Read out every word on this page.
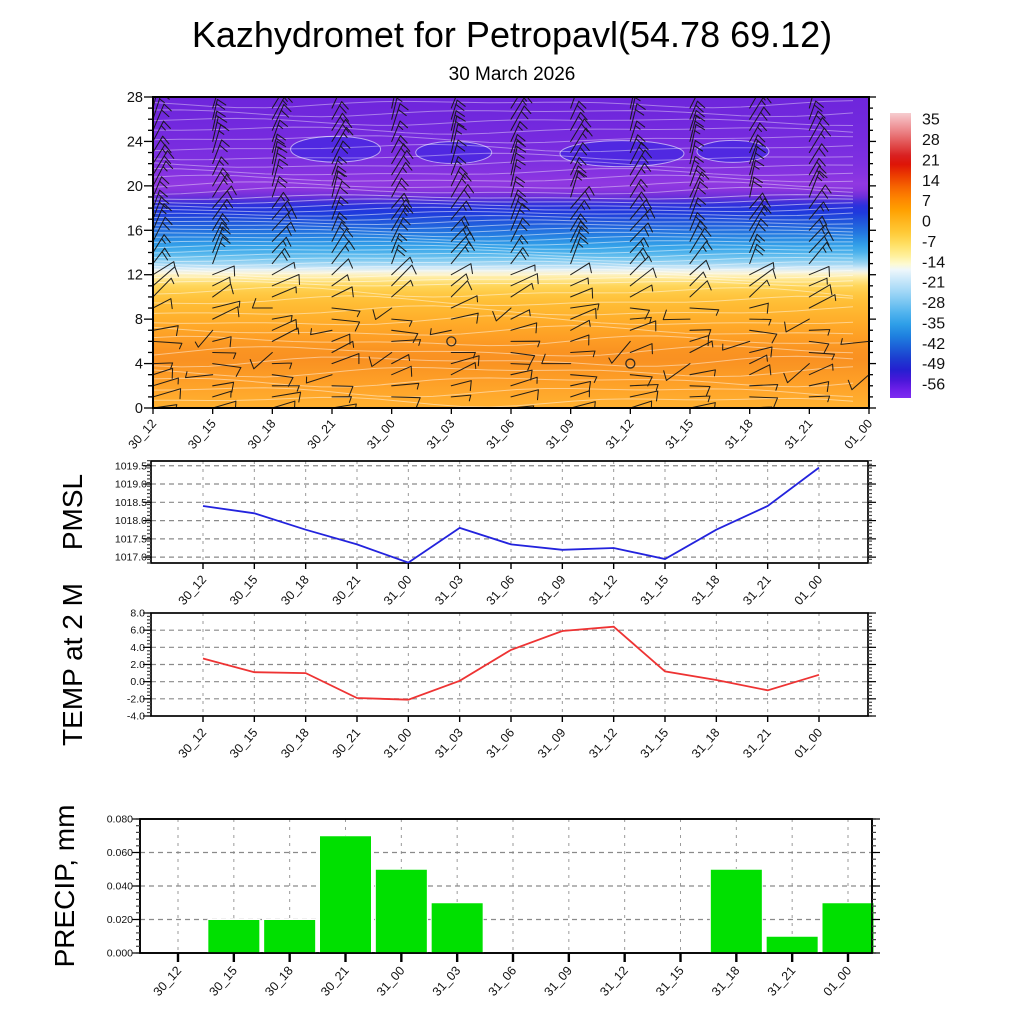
Kazhydromet for Petropavl(54.78 69.12)
30 March 2026
28
24
20
16
12
8
4
0
30_12 30_15 30_18 30_21 31_00 31_03 31_06 31_09 31_12 31_15 31_18 31_21 01_00
35
28
21
14
7
0
-7
-14
-21
-28
-35
-42
-49
-56
1019.5
1019.0
1018.5
1018.0
1017.5
1017.0
30_12 30_15 30_18 30_21 31_00 31_03 31_06 31_09 31_12 31_15 31_18 31_21 01_00
PMSL
8.0
6.0
4.0
2.0
0.0
-2.0
-4.0
30_12 30_15 30_18 30_21 31_00 31_03 31_06 31_09 31_12 31_15 31_18 31_21 01_00
TEMP at 2 M
0.080
0.060
0.040
0.020
0.000
30_12 30_15 30_18 30_21 31_00 31_03 31_06 31_09 31_12 31_15 31_18 31_21 01_00
PRECIP, mm
